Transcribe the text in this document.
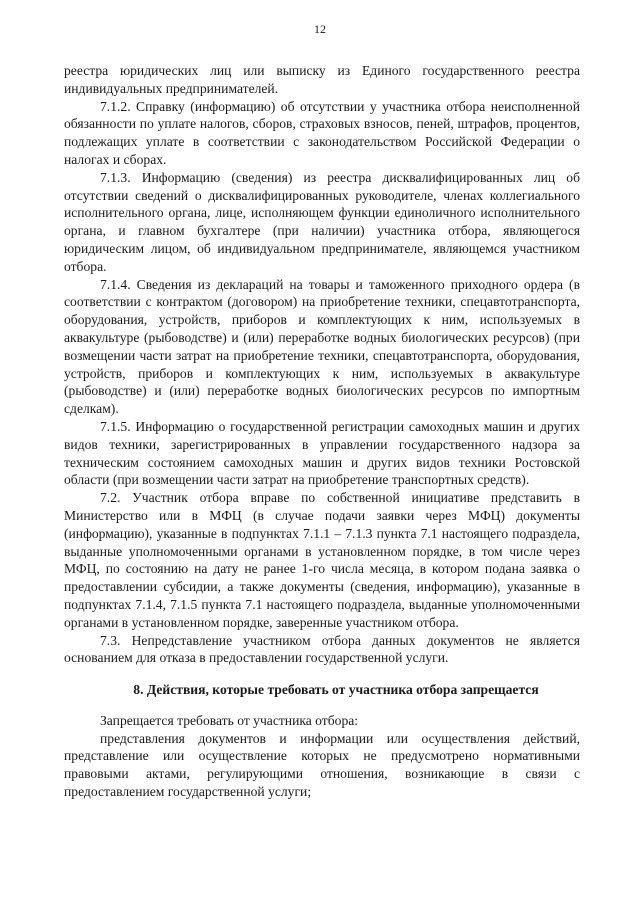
12

реестра юридических лиц или выписку из Единого государственного реестра индивидуальных предпринимателей.

7.1.2. Справку (информацию) об отсутствии у участника отбора неисполненной обязанности по уплате налогов, сборов, страховых взносов, пеней, штрафов, процентов, подлежащих уплате в соответствии с законодательством Российской Федерации о налогах и сборах.

7.1.3. Информацию (сведения) из реестра дисквалифицированных лиц об отсутствии сведений о дисквалифицированных руководителе, членах коллегиального исполнительного органа, лице, исполняющем функции единоличного исполнительного органа, и главном бухгалтере (при наличии) участника отбора, являющегося юридическим лицом, об индивидуальном предпринимателе, являющемся участником отбора.

7.1.4. Сведения из деклараций на товары и таможенного приходного ордера (в соответствии с контрактом (договором) на приобретение техники, спецавтотранспорта, оборудования, устройств, приборов и комплектующих к ним, используемых в аквакультуре (рыбоводстве) и (или) переработке водных биологических ресурсов) (при возмещении части затрат на приобретение техники, спецавтотранспорта, оборудования, устройств, приборов и комплектующих к ним, используемых в аквакультуре (рыбоводстве) и (или) переработке водных биологических ресурсов по импортным сделкам).

7.1.5. Информацию о государственной регистрации самоходных машин и других видов техники, зарегистрированных в управлении государственного надзора за техническим состоянием самоходных машин и других видов техники Ростовской области (при возмещении части затрат на приобретение транспортных средств).

7.2. Участник отбора вправе по собственной инициативе представить в Министерство или в МФЦ (в случае подачи заявки через МФЦ) документы (информацию), указанные в подпунктах 7.1.1 – 7.1.3 пункта 7.1 настоящего подраздела, выданные уполномоченными органами в установленном порядке, в том числе через МФЦ, по состоянию на дату не ранее 1-го числа месяца, в котором подана заявка о предоставлении субсидии, а также документы (сведения, информацию), указанные в подпунктах 7.1.4, 7.1.5 пункта 7.1 настоящего подраздела, выданные уполномоченными органами в установленном порядке, заверенные участником отбора.

7.3. Непредставление участником отбора данных документов не является основанием для отказа в предоставлении государственной услуги.

8. Действия, которые требовать от участника отбора запрещается

Запрещается требовать от участника отбора:

представления документов и информации или осуществления действий, представление или осуществление которых не предусмотрено нормативными правовыми актами, регулирующими отношения, возникающие в связи с предоставлением государственной услуги;
